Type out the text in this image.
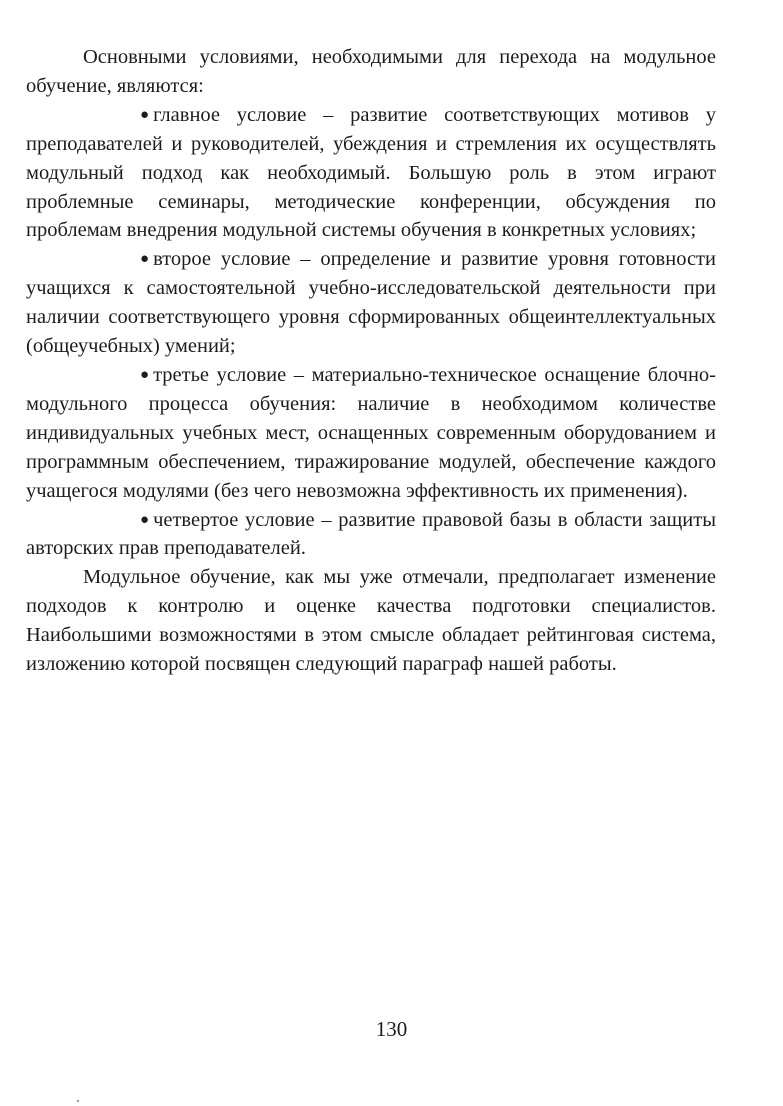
Основными условиями, необходимыми для перехода на модульное обучение, являются:

● главное условие – развитие соответствующих мотивов у преподавателей и руководителей, убеждения и стремления их осуществлять модульный подход как необходимый. Большую роль в этом играют проблемные семинары, методические конференции, обсуждения по проблемам внедрения модульной системы обучения в конкретных условиях;

● второе условие – определение и развитие уровня готовности учащихся к самостоятельной учебно-исследовательской деятельности при наличии соответствующего уровня сформированных общеинтеллектуальных (общеучебных) умений;

● третье условие – материально-техническое оснащение блочно-модульного процесса обучения: наличие в необходимом количестве индивидуальных учебных мест, оснащенных современным оборудованием и программным обеспечением, тиражирование модулей, обеспечение каждого учащегося модулями (без чего невозможна эффективность их применения).

● четвертое условие – развитие правовой базы в области защиты авторских прав преподавателей.

Модульное обучение, как мы уже отмечали, предполагает изменение подходов к контролю и оценке качества подготовки специалистов. Наибольшими возможностями в этом смысле обладает рейтинговая система, изложению которой посвящен следующий параграф нашей работы.

130
